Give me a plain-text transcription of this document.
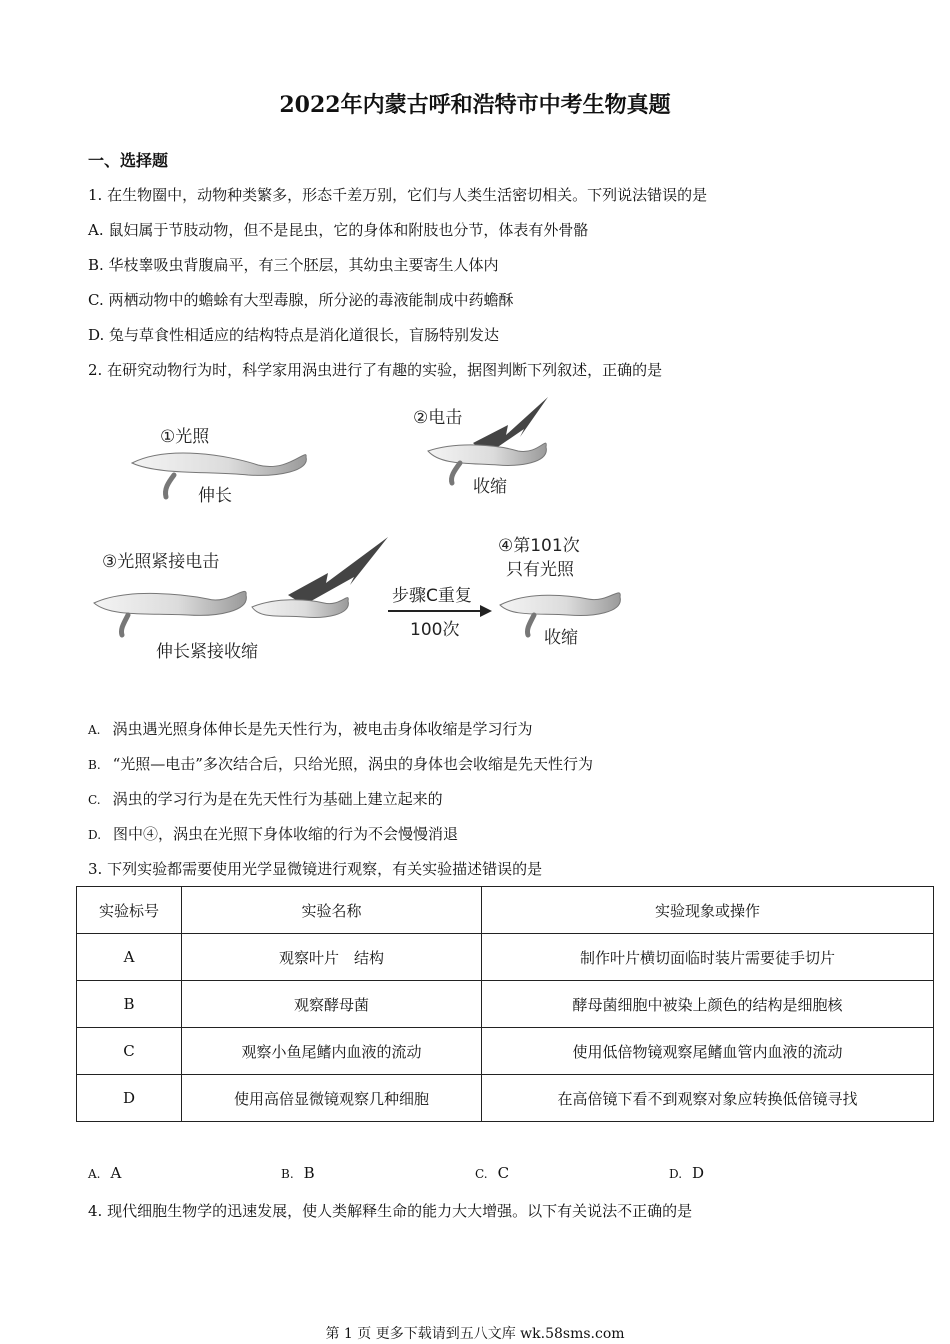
2022年内蒙古呼和浩特市中考生物真题
一、选择题
1. 在生物圈中，动物种类繁多，形态千差万别，它们与人类生活密切相关。下列说法错误的是
A. 鼠妇属于节肢动物，但不是昆虫，它的身体和附肢也分节，体表有外骨骼
B. 华枝睾吸虫背腹扁平，有三个胚层，其幼虫主要寄生人体内
C. 两栖动物中的蟾蜍有大型毒腺，所分泌的毒液能制成中药蟾酥
D. 兔与草食性相适应的结构特点是消化道很长，盲肠特别发达
2. 在研究动物行为时，科学家用涡虫进行了有趣的实验，据图判断下列叙述，正确的是
①光照
伸长
②电击
收缩
③光照紧接电击
伸长紧接收缩
步骤C重复
100次
④第101次
只有光照
收缩
A. 涡虫遇光照身体伸长是先天性行为，被电击身体收缩是学习行为
B. “光照—电击”多次结合后，只给光照，涡虫的身体也会收缩是先天性行为
C. 涡虫的学习行为是在先天性行为基础上建立起来的
D. 图中④，涡虫在光照下身体收缩的行为不会慢慢消退
3. 下列实验都需要使用光学显微镜进行观察，有关实验描述错误的是
实验标号	实验名称	实验现象或操作
A	观察叶片　结构	制作叶片横切面临时装片需要徒手切片
B	观察酵母菌	酵母菌细胞中被染上颜色的结构是细胞核
C	观察小鱼尾鳍内血液的流动	使用低倍物镜观察尾鳍血管内血液的流动
D	使用高倍显微镜观察几种细胞	在高倍镜下看不到观察对象应转换低倍镜寻找
A. A	B. B	C. C	D. D
4. 现代细胞生物学的迅速发展，使人类解释生命的能力大大增强。以下有关说法不正确的是
第 1 页 更多下载请到五八文库 wk.58sms.com
